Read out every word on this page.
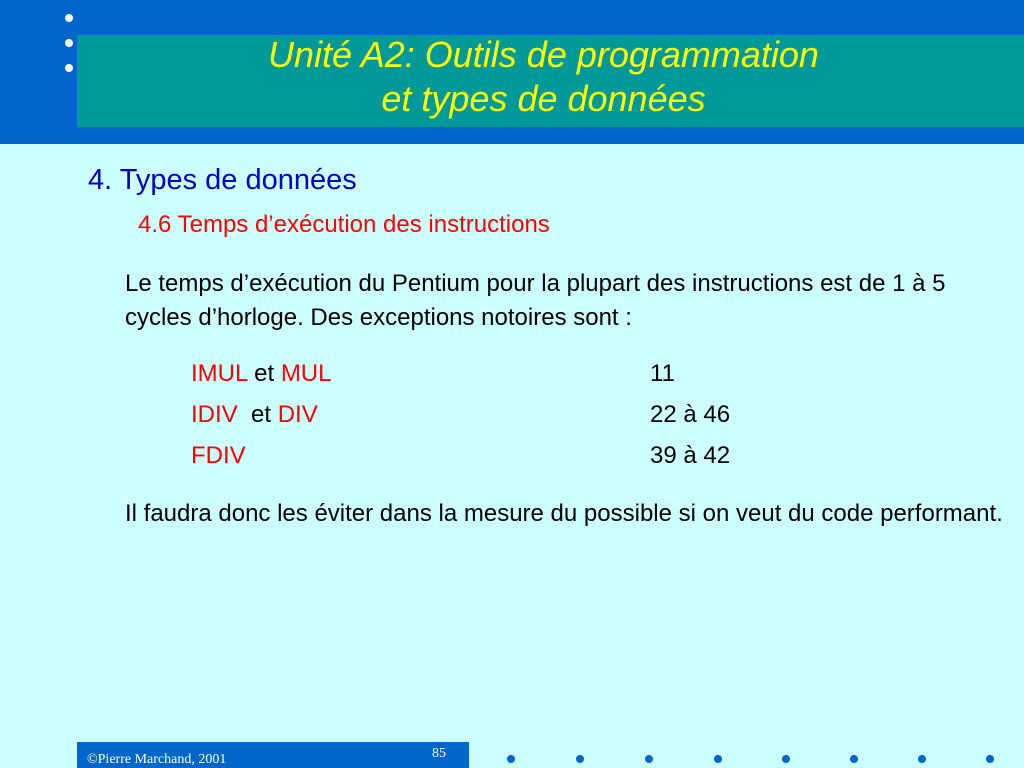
Unité A2: Outils de programmation
et types de données
4. Types de données
4.6 Temps d’exécution des instructions
Le temps d’exécution du Pentium pour la plupart des instructions est de 1 à 5 cycles d’horloge. Des exceptions notoires sont :
IMUL et MUL	11
IDIV  et DIV	22 à 46
FDIV	39 à 42
Il faudra donc les éviter dans la mesure du possible si on veut du code performant.
©Pierre Marchand, 2001	85
